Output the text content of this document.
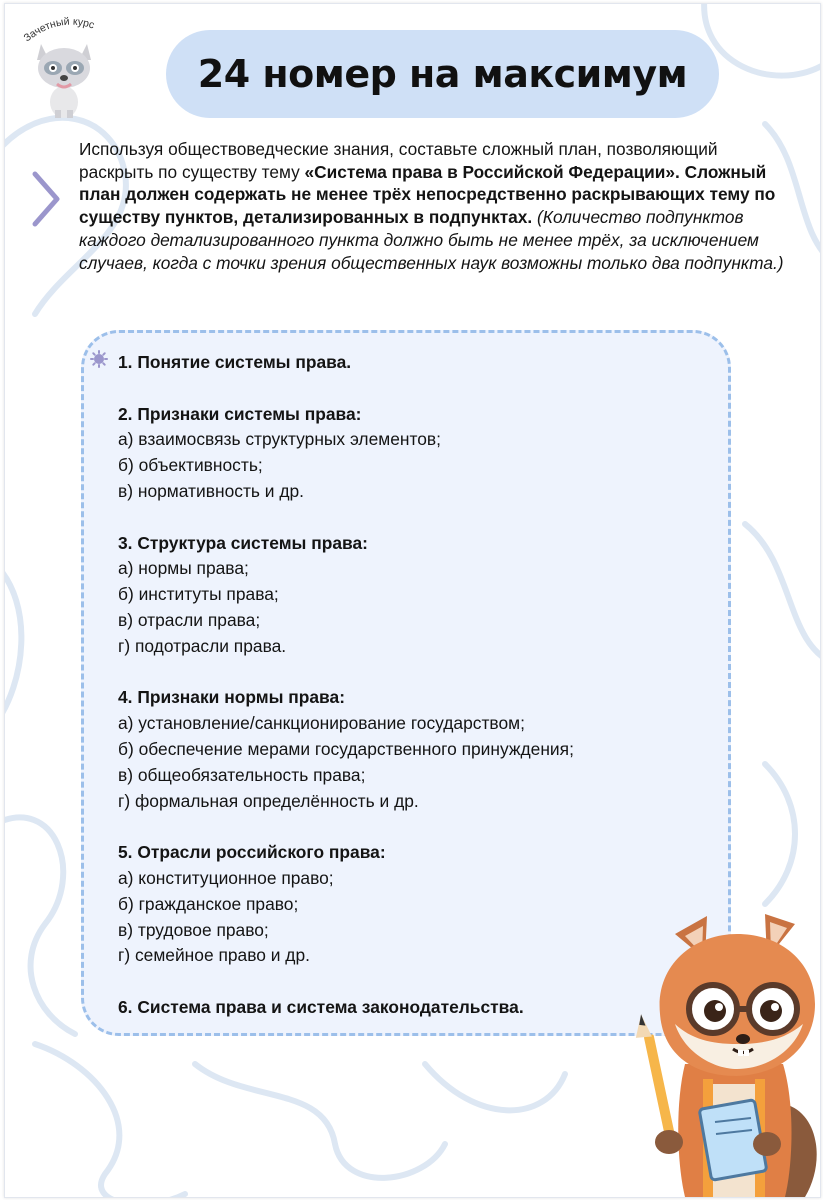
Зачетный курс
24 номер на максимум
Используя обществоведческие знания, составьте сложный план, позволяющий раскрыть по существу тему «Система права в Российской Федерации». Сложный план должен содержать не менее трёх непосредственно раскрывающих тему по существу пунктов, детализированных в подпунктах. (Количество подпунктов каждого детализированного пункта должно быть не менее трёх, за исключением случаев, когда с точки зрения общественных наук возможны только два подпункта.)
1. Понятие системы права.
2. Признаки системы права:
а) взаимосвязь структурных элементов;
б) объективность;
в) нормативность и др.
3. Структура системы права:
а) нормы права;
б) институты права;
в) отрасли права;
г) подотрасли права.
4. Признаки нормы права:
а) установление/санкционирование государством;
б) обеспечение мерами государственного принуждения;
в) общеобязательность права;
г) формальная определённость и др.
5. Отрасли российского права:
а) конституционное право;
б) гражданское право;
в) трудовое право;
г) семейное право и др.
6. Система права и система законодательства.
